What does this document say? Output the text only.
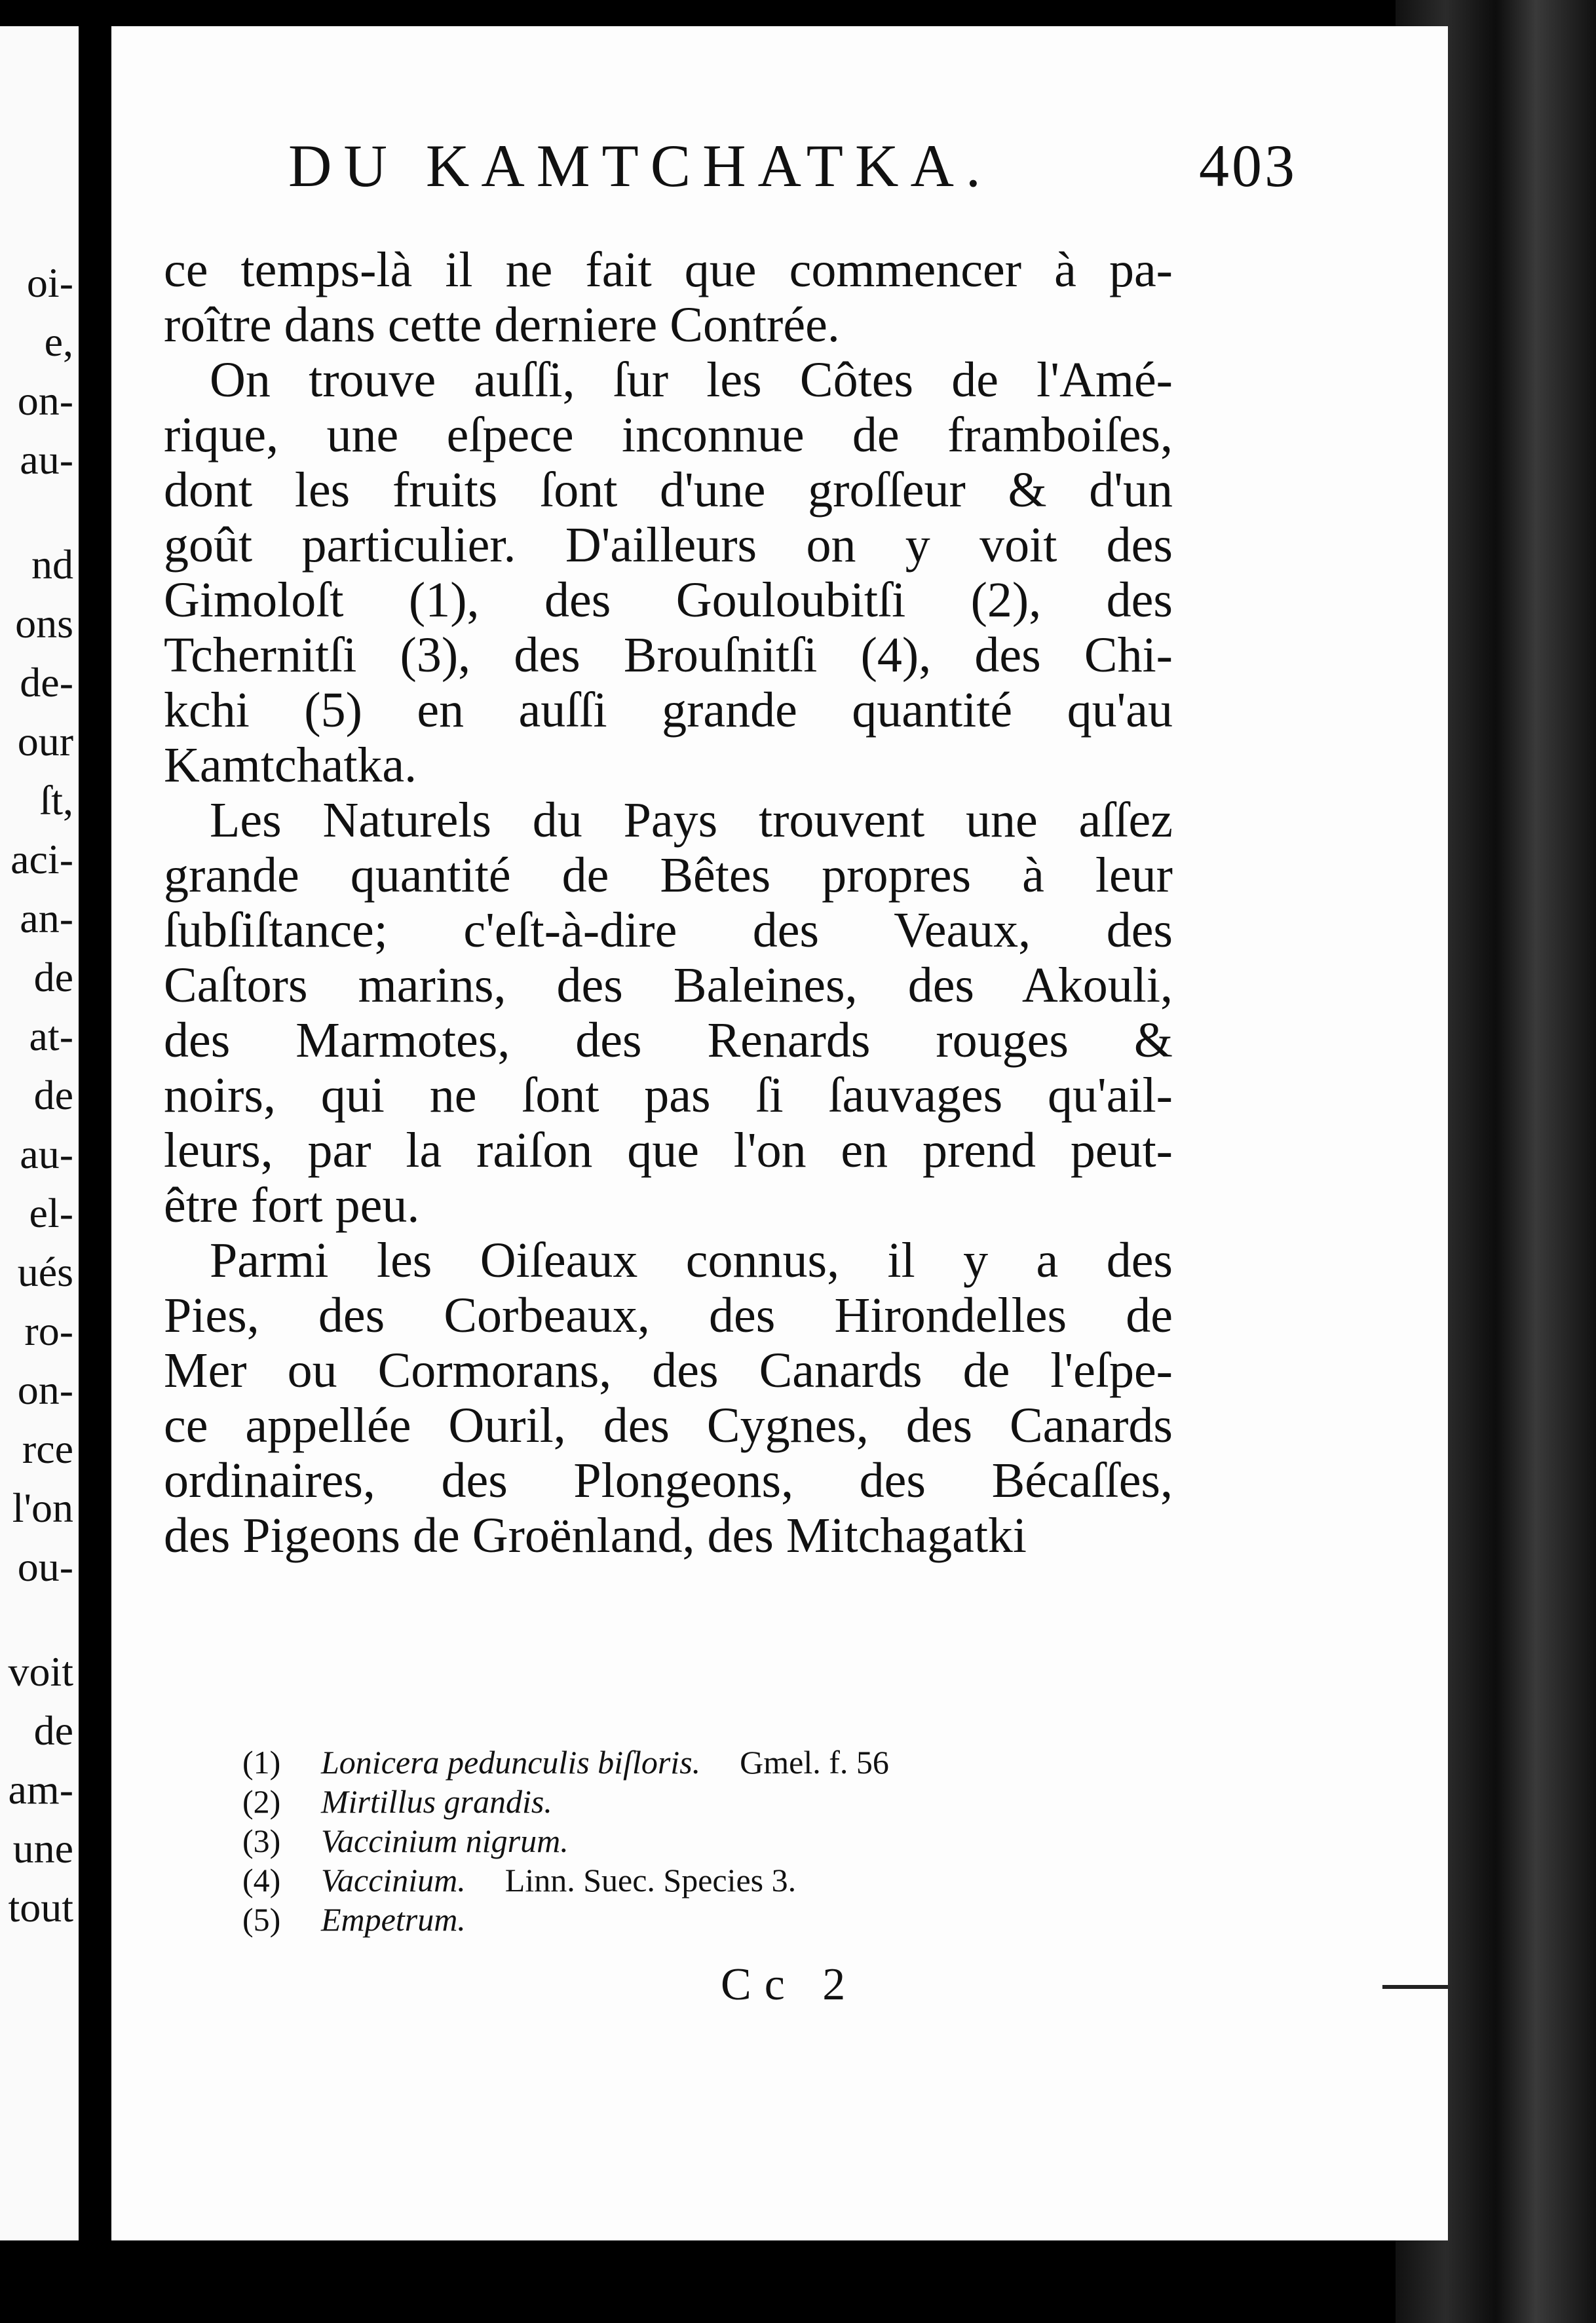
oi-
e,
on-
au-
nd
ons
de-
our
ſt,
aci-
an-
de
at-
de
au-
el-
ués
ro-
on-
rce
l'on
ou-
voit
de
am-
une
tout
DU KAMTCHATKA.	403
ce temps-là il ne fait que commencer à pa-
roître dans cette derniere Contrée.
On trouve auſſi, ſur les Côtes de l'Amé-
rique, une eſpece inconnue de framboiſes,
dont les fruits ſont d'une groſſeur & d'un
goût particulier. D'ailleurs on y voit des
Gimoloſt (1), des Gouloubitſi (2), des
Tchernitſi (3), des Brouſnitſi (4), des Chi-
kchi (5) en auſſi grande quantité qu'au
Kamtchatka.
Les Naturels du Pays trouvent une aſſez
grande quantité de Bêtes propres à leur
ſubſiſtance; c'eſt-à-dire des Veaux, des
Caſtors marins, des Baleines, des Akouli,
des Marmotes, des Renards rouges &
noirs, qui ne ſont pas ſi ſauvages qu'ail-
leurs, par la raiſon que l'on en prend peut-
être fort peu.
Parmi les Oiſeaux connus, il y a des
Pies, des Corbeaux, des Hirondelles de
Mer ou Cormorans, des Canards de l'eſpe-
ce appellée Ouril, des Cygnes, des Canards
ordinaires, des Plongeons, des Bécaſſes,
des Pigeons de Groënland, des Mitchagatki
(1) Lonicera pedunculis biſloris. Gmel. f. 56
(2) Mirtillus grandis.
(3) Vaccinium nigrum.
(4) Vaccinium. Linn. Suec. Species 3.
(5) Empetrum.
Cc 2
